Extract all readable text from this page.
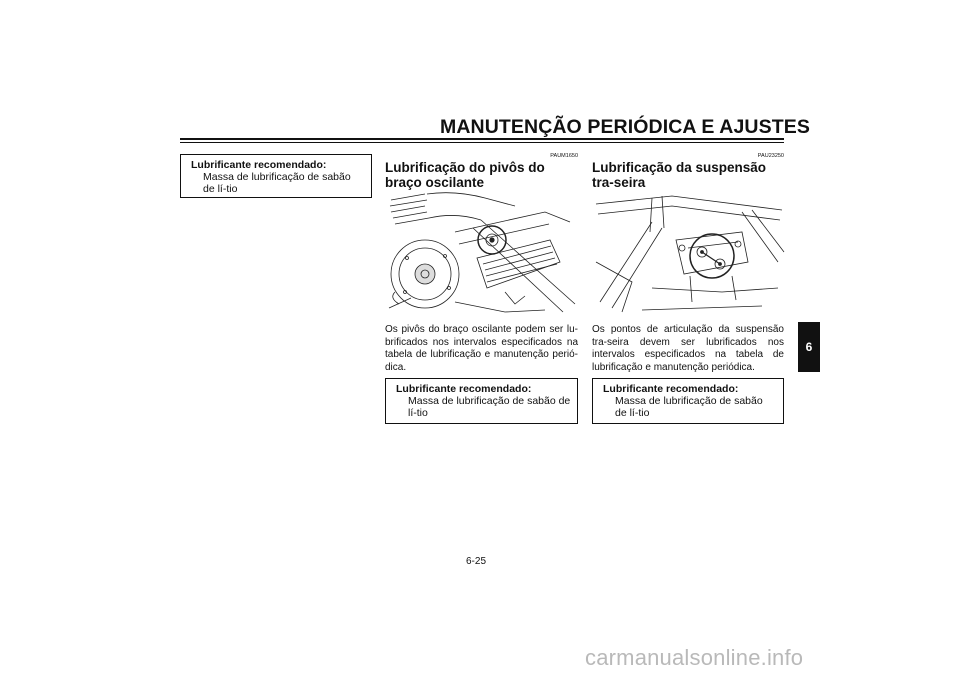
MANUTENÇÃO PERIÓDICA E AJUSTES
Lubrificante recomendado:
Massa de lubrificação de sabão de lí-tio
PAUM1650
Lubrificação do pivôs do braço oscilante

Os pivôs do braço oscilante podem ser lu-brificados nos intervalos especificados na tabela de lubrificação e manutenção perió-dica.

Lubrificante recomendado:
Massa de lubrificação de sabão de lí-tio
PAU23250
Lubrificação da suspensão tra-seira

Os pontos de articulação da suspensão tra-seira devem ser lubrificados nos intervalos especificados na tabela de lubrificação e manutenção periódica.

Lubrificante recomendado:
Massa de lubrificação de sabão de lí-tio
6
6-25
carmanualsonline.info
